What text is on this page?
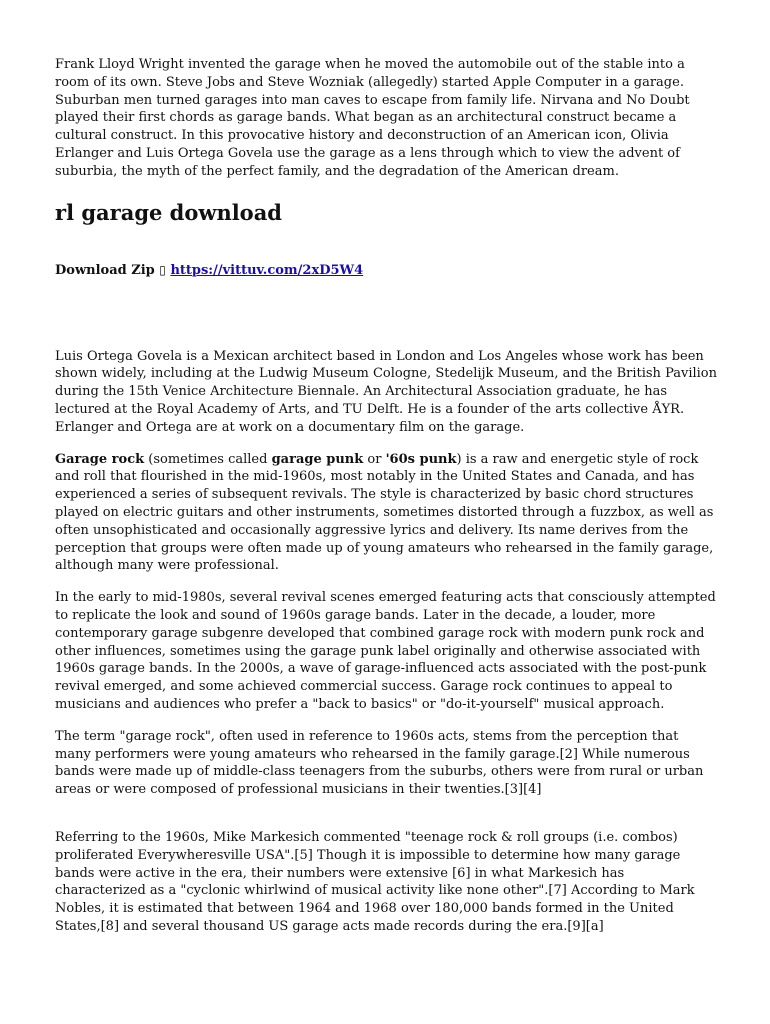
Frank Lloyd Wright invented the garage when he moved the automobile out of the stable into a room of its own. Steve Jobs and Steve Wozniak (allegedly) started Apple Computer in a garage. Suburban men turned garages into man caves to escape from family life. Nirvana and No Doubt played their first chords as garage bands. What began as an architectural construct became a cultural construct. In this provocative history and deconstruction of an American icon, Olivia Erlanger and Luis Ortega Govela use the garage as a lens through which to view the advent of suburbia, the myth of the perfect family, and the degradation of the American dream.

rl garage download
Download Zip ▯ https://vittuv.com/2xD5W4

Luis Ortega Govela is a Mexican architect based in London and Los Angeles whose work has been shown widely, including at the Ludwig Museum Cologne, Stedelijk Museum, and the British Pavilion during the 15th Venice Architecture Biennale. An Architectural Association graduate, he has lectured at the Royal Academy of Arts, and TU Delft. He is a founder of the arts collective ÅYR. Erlanger and Ortega are at work on a documentary film on the garage.

Garage rock (sometimes called garage punk or '60s punk) is a raw and energetic style of rock and roll that flourished in the mid-1960s, most notably in the United States and Canada, and has experienced a series of subsequent revivals. The style is characterized by basic chord structures played on electric guitars and other instruments, sometimes distorted through a fuzzbox, as well as often unsophisticated and occasionally aggressive lyrics and delivery. Its name derives from the perception that groups were often made up of young amateurs who rehearsed in the family garage, although many were professional.

In the early to mid-1980s, several revival scenes emerged featuring acts that consciously attempted to replicate the look and sound of 1960s garage bands. Later in the decade, a louder, more contemporary garage subgenre developed that combined garage rock with modern punk rock and other influences, sometimes using the garage punk label originally and otherwise associated with 1960s garage bands. In the 2000s, a wave of garage-influenced acts associated with the post-punk revival emerged, and some achieved commercial success. Garage rock continues to appeal to musicians and audiences who prefer a "back to basics" or "do-it-yourself" musical approach.

The term "garage rock", often used in reference to 1960s acts, stems from the perception that many performers were young amateurs who rehearsed in the family garage.[2] While numerous bands were made up of middle-class teenagers from the suburbs, others were from rural or urban areas or were composed of professional musicians in their twenties.[3][4]

Referring to the 1960s, Mike Markesich commented "teenage rock & roll groups (i.e. combos) proliferated Everywheresville USA".[5] Though it is impossible to determine how many garage bands were active in the era, their numbers were extensive [6] in what Markesich has characterized as a "cyclonic whirlwind of musical activity like none other".[7] According to Mark Nobles, it is estimated that between 1964 and 1968 over 180,000 bands formed in the United States,[8] and several thousand US garage acts made records during the era.[9][a]
